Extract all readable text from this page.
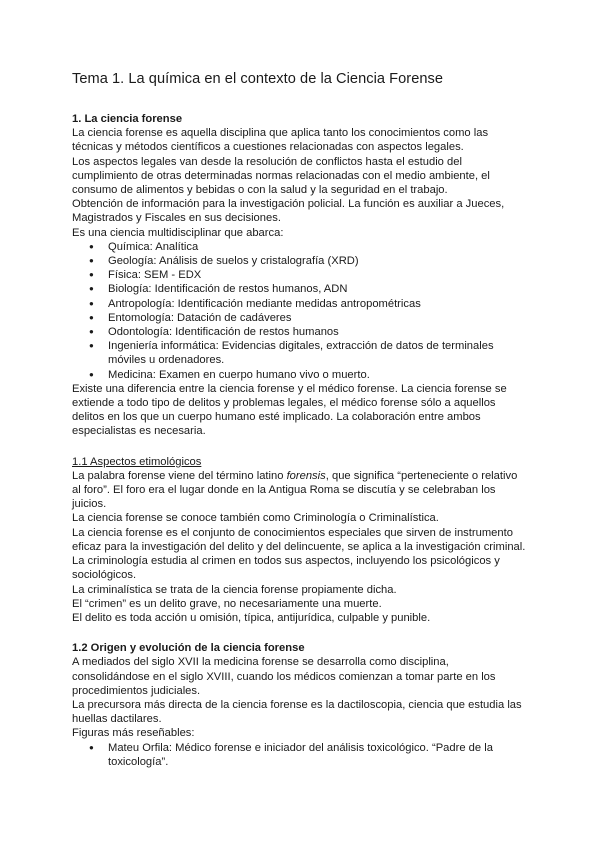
Tema 1. La química en el contexto de la Ciencia Forense
1. La ciencia forense

La ciencia forense es aquella disciplina que aplica tanto los conocimientos como las técnicas y métodos científicos a cuestiones relacionadas con aspectos legales.

Los aspectos legales van desde la resolución de conflictos hasta el estudio del cumplimiento de otras determinadas normas relacionadas con el medio ambiente, el consumo de alimentos y bebidas o con la salud y la seguridad en el trabajo.

Obtención de información para la investigación policial. La función es auxiliar a Jueces, Magistrados y Fiscales en sus decisiones.

Es una ciencia multidisciplinar que abarca:

● Química: Analítica
● Geología: Análisis de suelos y cristalografía (XRD)
● Física: SEM - EDX
● Biología: Identificación de restos humanos, ADN
● Antropología: Identificación mediante medidas antropométricas
● Entomología: Datación de cadáveres
● Odontología: Identificación de restos humanos
● Ingeniería informática: Evidencias digitales, extracción de datos de terminales móviles u ordenadores.
● Medicina: Examen en cuerpo humano vivo o muerto.

Existe una diferencia entre la ciencia forense y el médico forense. La ciencia forense se extiende a todo tipo de delitos y problemas legales, el médico forense sólo a aquellos delitos en los que un cuerpo humano esté implicado. La colaboración entre ambos especialistas es necesaria.

1.1 Aspectos etimológicos

La palabra forense viene del término latino forensis, que significa “perteneciente o relativo al foro”. El foro era el lugar donde en la Antigua Roma se discutía y se celebraban los juicios.

La ciencia forense se conoce también como Criminología o Criminalística.

La ciencia forense es el conjunto de conocimientos especiales que sirven de instrumento eficaz para la investigación del delito y del delincuente, se aplica a la investigación criminal.

La criminología estudia al crimen en todos sus aspectos, incluyendo los psicológicos y sociológicos.

La criminalística se trata de la ciencia forense propiamente dicha.

El “crimen” es un delito grave, no necesariamente una muerte.

El delito es toda acción u omisión, típica, antijurídica, culpable y punible.

1.2 Origen y evolución de la ciencia forense

A mediados del siglo XVII la medicina forense se desarrolla como disciplina, consolidándose en el siglo XVIII, cuando los médicos comienzan a tomar parte en los procedimientos judiciales.

La precursora más directa de la ciencia forense es la dactiloscopia, ciencia que estudia las huellas dactilares.

Figuras más reseñables:

● Mateu Orfila: Médico forense e iniciador del análisis toxicológico. “Padre de la toxicología”.
